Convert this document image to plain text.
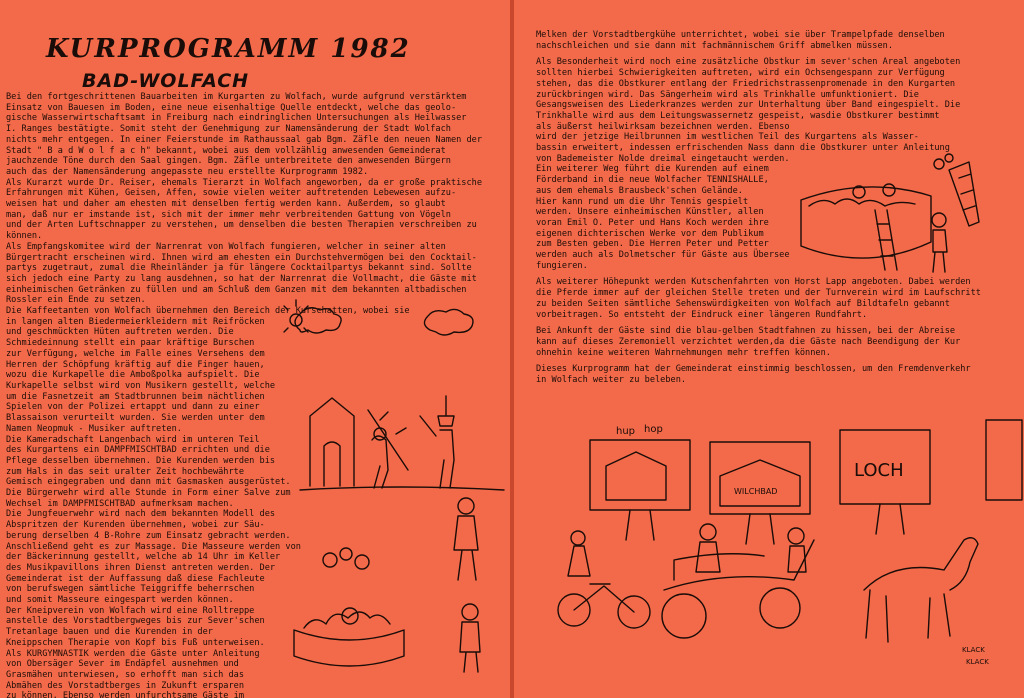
KURPROGRAMM 1982
BAD-WOLFACH

Bei den fortgeschrittenen Bauarbeiten im Kurgarten zu Wolfach, wurde aufgrund verstärktem

Einsatz von Bauesen im Boden, eine neue eisenhaltige Quelle entdeckt, welche das geolo-

gische Wasserwirtschaftsamt in Freiburg nach eindringlichen Untersuchungen als Heilwasser

I. Ranges bestätigte. Somit steht der Genehmigung zur Namensänderung der Stadt Wolfach

nichts mehr entgegen. In einer Feierstunde im Rathaussaal gab Bgm. Zäfle den neuen Namen der

Stadt " B a d W o l f a c h" bekannt, wobei aus dem vollzählig anwesenden Gemeinderat

jauchzende Töne durch den Saal gingen. Bgm. Zäfle unterbreitete den anwesenden Bürgern

auch das der Namensänderung angepasste neu erstellte Kurprogramm 1982.

Als Kurarzt wurde Dr. Reiser, ehemals Tierarzt in Wolfach angeworben, da er große praktische

Erfahrungen mit Kühen, Geisen, Affen, sowie vielen weiter auftretenden Lebewesen aufzu-

weisen hat und daher am ehesten mit denselben fertig werden kann. Außerdem, so glaubt

man, daß nur er imstande ist, sich mit der immer mehr verbreitenden Gattung von Vögeln

und der Arten Luftschnapper zu verstehen, um denselben die besten Therapien verschreiben zu

können.

Als Empfangskomitee wird der Narrenrat von Wolfach fungieren, welcher in seiner alten

Bürgertracht erscheinen wird. Ihnen wird am ehesten ein Durchstehvermögen bei den Cocktail-

partys zugetraut, zumal die Rheinländer ja für längere Cocktailpartys bekannt sind. Sollte

sich jedoch eine Party zu lang ausdehnen, so hat der Narrenrat die Vollmacht, die Gäste mit

einheimischen Getränken zu füllen und am Schluß dem Ganzen mit dem bekannten altbadischen

Rossler ein Ende zu setzen.

Die Kaffeetanten von Wolfach übernehmen den Bereich der Kurschatten, wobei sie

in langen alten Biedermeierkleidern mit Reifröcken

und geschmückten Hüten auftreten werden. Die

Schmiedeinnung stellt ein paar kräftige Burschen

zur Verfügung, welche im Falle eines Versehens dem

Herren der Schöpfung kräftig auf die Finger hauen,

wozu die Kurkapelle die Amboßpolka aufspielt. Die

Kurkapelle selbst wird von Musikern gestellt, welche

um die Fasnetzeit am Stadtbrunnen beim nächtlichen

Spielen von der Polizei ertappt und dann zu einer

Blassaison verurteilt wurden. Sie werden unter dem

Namen Neopmuk - Musiker auftreten.

Die Kameradschaft Langenbach wird im unteren Teil

des Kurgartens ein DAMPFMISCHTBAD errichten und die

Pflege desselben übernehmen. Die Kurenden werden bis

zum Hals in das seit uralter Zeit hochbewährte

Gemisch eingegraben und dann mit Gasmasken ausgerüstet.

Die Bürgerwehr wird alle Stunde in Form einer Salve zum

Wechsel im DAMPFMISCHTBAD aufmerksam machen.

Die Jungfeuerwehr wird nach dem bekannten Modell des

Abspritzen der Kurenden übernehmen, wobei zur Säu-

berung derselben 4 B-Rohre zum Einsatz gebracht werden.

Anschließend geht es zur Massage. Die Masseure werden von

der Bäckerinnung gestellt, welche ab 14 Uhr im Keller

des Musikpavillons ihren Dienst antreten werden. Der

Gemeinderat ist der Auffassung daß diese Fachleute

von berufswegen sämtliche Teiggriffe beherrschen

und somit Masseure eingespart werden können.

Der Kneipverein von Wolfach wird eine Rolltreppe

anstelle des Vorstadtbergweges bis zur Sever'schen

Tretanlage bauen und die Kurenden in der

Kneippschen Therapie von Kopf bis Fuß unterweisen.

Als KURGYMNASTIK werden die Gäste unter Anleitung

von Obersäger Sever im Endäpfel ausnehmen und

Grasmähen unterwiesen, so erhofft man sich das

Abmähen des Vorstadtberges in Zukunft ersparen

zu können. Ebenso werden unfurchtsame Gäste im

Melken der Vorstadtbergkühe unterrichtet, wobei sie über Trampelpfade denselben

nachschleichen und sie dann mit fachmännischem Griff abmelken müssen.

Als Besonderheit wird noch eine zusätzliche Obstkur im sever'schen Areal angeboten

sollten hierbei Schwierigkeiten auftreten, wird ein Ochsengespann zur Verfügung

stehen, das die Obstkurer entlang der Friedrichstrassenpromenade in den Kurgarten

zurückbringen wird. Das Sängerheim wird als Trinkhalle umfunktioniert. Die

Gesangsweisen des Liederkranzes werden zur Unterhaltung über Band eingespielt. Die

Trinkhalle wird aus dem Leitungswassernetz gespeist, wasdie Obstkurer bestimmt

als äußerst heilwirksam bezeichnen werden. Ebenso

wird der jetzige Heilbrunnen im westlichen Teil des Kurgartens als Wasser-

bassin erweitert, indessen erfrischenden Nass dann die Obstkurer unter Anleitung

von Bademeister Nolde dreimal eingetaucht werden.

Ein weiterer Weg führt die Kurenden auf einem

Förderband in die neue Wolfacher TENNISHALLE,

aus dem ehemals Brausbeck'schen Gelände.

Hier kann rund um die Uhr Tennis gespielt

werden. Unsere einheimischen Künstler, allen

voran Emil O. Peter und Hans Koch werden ihre

eigenen dichterischen Werke vor dem Publikum

zum Besten geben. Die Herren Peter und Petter

werden auch als Dolmetscher für Gäste aus Übersee

fungieren.

Als weiterer Höhepunkt werden Kutschenfahrten von Horst Lapp angeboten. Dabei werden

die Pferde immer auf der gleichen Stelle treten und der Turnverein wird im Laufschritt

zu beiden Seiten sämtliche Sehenswürdigkeiten von Wolfach auf Bildtafeln gebannt

vorbeitragen. So entsteht der Eindruck einer längeren Rundfahrt.

Bei Ankunft der Gäste sind die blau-gelben Stadtfahnen zu hissen, bei der Abreise

kann auf dieses Zeremoniell verzichtet werden,da die Gäste nach Beendigung der Kur

ohnehin keine weiteren Wahrnehmungen mehr treffen können.

Dieses Kurprogramm hat der Gemeinderat einstimmig beschlossen, um den Fremdenverkehr

in Wolfach weiter zu beleben.

hup hop
WILCHBAD
LOCH
KLACK
KLACK
